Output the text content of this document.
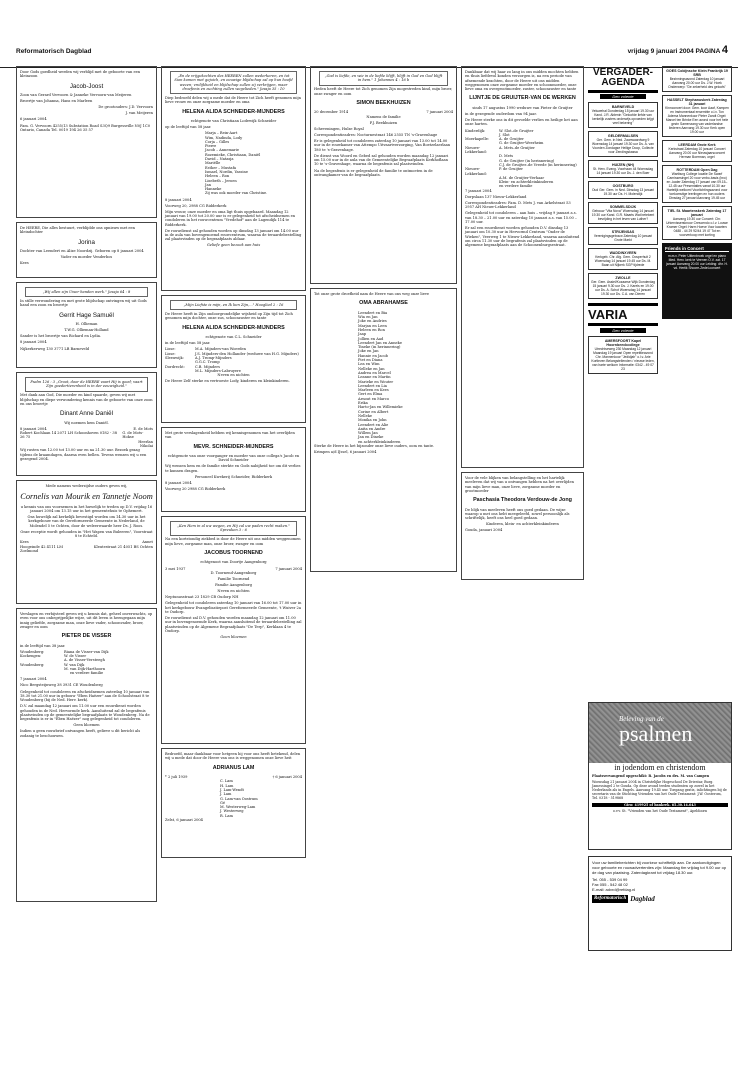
Reformatorisch Dagblad	vrijdag 9 januari 2004 PAGINA 4

Door Gods goedheid werden wij verblijd met de geboorte van een kleinzoon

Jacob-Joost

Zoon van Gerard Vervoorn & Janneke Vervoorn-van Meijeren

Broertje van Johanna, Hans en Marleen

De grootouders: J.D. Vervoorn

J. van Meijeren

6 januari 2004

Fam. G. Vervoorn 4255/13 Substation Road S3Q9 Burgessville N0J 1C0 Ontario, Canada Tel. 0019 194 26 35 57

De HEERE, Die alles bestuurt, verblijdde ons opnieuw met een kleindochter

Jorina

Dochter van Leendert en Alize Noordzij. Geboren op 8 januari 2004

Vader en moeder Venderbos

Kees

„Wij allen zijn Uwer handen werk." Jesaja 64 : 8

In stille verwondering en met grote blijdschap ontvingen wij uit Gods hand een zoon en broertje

Gerrit Hage Samuël

H. Ollieman

T.W.G. Ollieman-Holland

Sander is het broertje van Richard en Lydia.

8 januari 2004

Nijkerkerweg 130 3771 LB Barneveld

Psalm 126 : 3 „Groot, door de HEERE vaart Hij is goed; vaart Zijn goedertierenheid is in der eeuwigheid."

Met dank aan God, Die moeder en kind spaarde, geven wij met blijdschap en diepe verwondering kennis van de geboorte van onze zoon en ons broertje

Dinant Anne Daniël

Wij noemen hem Daniël.

8 januari 2004	E. de Mots
Robert Kochlaan 14 2071 LH Schoonhoven 0182 - 38 26 75
G. de Mots-Hokse
Heerlan
Nikolai

Wij rusten van 12.00 tot 13.00 uur en na 21.30 uur. Bezoek graag tijdens de kraamdagen, daarna even bellen. Tevens wenzen wij u een gezegend 2004.

Mede namens wederzijdse ouders geven wij,

Cornelis van Mourik en Tannetje Noom

u kennis van ons voornemen in het huwelijk te treden op D.V. vrijdag 16 januari 2004 om 13.15 uur in het gemeentehuis te Ophemert.

Ons huwelijk zal kerkelijk bevestigd worden om 14.30 uur in het kerkgebouw van de Gereformeerde Gemeente in Nederland, de Molendel 5 te Ochten, door de weleerwaarde heer Ds. J. Roos.

Onze receptie wordt gehouden in "Het Wapen van Buleeren", Voorstraat 8 te Echteld.

Kees	Annet
Hoogeinde 42 4111 LM Zoelmond
Kleutestraat 21 4051 BS Ochten

Verslagen en verbijsterd geven wij u kennis dat, geheel onverwachts, op even voor ons onbegrijpelijke wijze, uit dit leven is heengegaan mijn innig geliefde, zorgzame man, onze lieve vader, schoonvader, broer, zwager en oom

PIETER DE VISSER

in de leeftijd van 38 jaar.

Woudenberg:	Riana de Visser-van Dijk
Kockengen:	W. de Visser
A. de Visser-Versteegh
Woudenberg:	W. van Dijk
M. van Dijk-Harthoorn

en verdere familie

7 januari 2004

Nico Bergsteijnweg 38 3931 CE Woudenberg

Gelegenheid tot condoleren en afscheidnemen zaterdag 10 januari van 18.30 tot 21.00 uur in gebouw "Eben Haëzer" aan de Schoolstraat 8 te Woudenberg (bij de Ned. Herv. kerk).

D.V. zal maandag 12 januari om 11.00 uur een rouwdienst worden gehouden in de Ned. Hervormde kerk. Aansluitend zal de begrafenis plaatsvinden op de gemeentelijke begraafplaats te Woudenberg. Na de begrafenis is er in "Eben Haëzer" nog gelegenheid tot condoleren.

Geen bloemen

Indien u geen rouwbrief ontvangen heeft, gelieve u dit bericht als zodanig te beschouwen.

„En de vrijgekochten des HEEREN zullen wederkeren, en tot Sion komen met gejuich, en eeuwige blijdschap zal op hun hoofd wezen; vrolijkheid en blijdschap zullen zij verkrijgen, maar droefenis en zuchting zullen wegvlieden." Jesaja 35 : 10

Diep bedroefd delen wij u mede dat de Heere tot Zich heeft genomen mijn lieve vrouw en onze zorgzame moeder en oma

HELENA ALIDA SCHNEIDER-MIJNDERS

echtgenote van Christiaan Lodewijk Schneider

op de leeftijd van 58 jaar.

Marja – Rein-Aart
Wim, Nadinda, Lody
Corja – Gilles
Pierre
Jacob – Annemarie
Rozemieke, Christiaan, Daniël
David – Natasja
Mariëlle
Esther – Mustafa
Ismael, Nordin, Yassine
Heleen – Ron
Lisebeth – Jeroen
Jan
Hanneke

Zij was ook moeder van Christine.

8 januari 2004

Voorweg 20, 2988 CG Ridderkerk

Mijn vrouw, onze moeder en oma ligt thuis opgebaard. Maandag 12 januari van 19.00 tot 20.00 uur is er gelegenheid tot afscheidnemen en condoleren in het rouwcentrum "Vredehof" aan de Lagendijk 114 te Ridderkerk.

De rouwdienst zal gehouden worden op dinsdag 13 januari om 14.00 uur in de aula van bovengenoemd rouwcentrum, waarna de teraardebestelling zal plaatsvinden op de begraafplaats aldaar.

Geliefe geen bezoek aan huis

„Mijn Liefste is mijn, en Ik ben Zijn,..." Hooglied 2 : 16

De Heere heeft in Zijn ondoorgrondelijke wijsheid op Zijn tijd tot Zich genomen mijn dochter, onze zus, schoonzuster en tante

HELENA ALIDA SCHNEIDER-MIJNDERS

echtgenote van C.L. Schneider

in de leeftijd van 58 jaar.

Lisse:	M.A. Mijnders-van Woerden
Lisse:	J.S. Mijnders-den Hollander (weduwe van H.G. Mijnders)
Sleeuwijk:	A.J. Tromp-Mijnders
G.G.C. Tromp
Dordrecht:	C.B. Mijnders
M.L. Mijnders-Labruyere

Neven en nichten

De Heere Zelf sterke en vertroeste Lody, kinderen en kleinkinderen.

Met grote verslagenheid hebben wij kennisgenomen van het overlijden van

MEVR. SCHNEIDER-MIJNDERS

echtgenote van onze voorganger en moeder van onze collega's Jacob en David Schneider

Wij wensen hem en de familie sterkte en Gods nabijheid toe om dit verlies te kunnen dragen.

Personeel Kwekerij Schneider, Ridderkerk

8 januari 2004

Voorweg 20 2988 CG Ridderkerk

„Ken Hem in al uw wegen, en Hij zal uw paden recht maken." Spreuken 3 : 6

Na een kortstondig ziekbed is door de Heere uit ons midden weggenomen mijn lieve, zorgzame man, onze broer, zwager en oom

JACOBUS TOORNEND

echtgenoot van Doortje Aangenborg

3 mei 1937	7 januari 2004

D. Toornend-Aangenborg

Familie Toornend

Familie Aangenborg

Neven en nichten

Neptunusstraat 23 1829 CB Oudorp NH

Gelegenheid tot condoleren zaterdag 10 januari van 16.00 tot 17.00 uur in het kerkgebouw Evangelisatiepost Gereformeerde Gemeente, 't Wuiver 2a te Oudorp.

De rouwdienst zal D.V. gehouden worden maandag 12 januari om 11.00 uur in bovengenoemde Kerk, waarna aansluitend de teraardebestelling zal plaatsvinden op de Algemene Begraafplaats "De Terp", Kerklaan 4 te Oudorp.

Geen bloemen

Bedroefd, maar dankbaar voor hetgeen hij voor ons heeft betekend, delen wij u mede dat door de Heere van ons is weggenomen onze lieve heit

ADRIANUS LAM
* 2 juli 1939	† 6 januari 2004
C. Lam
H. Lam
J. Lam-Wendt
J. Lam
G. Lam-van Oostrum
Gé
M. Westerweg-Lam
J. Westerweg
R. Lam

Zelst, 6 januari 2004

„God is liefde, en wie in de liefde blijft, blijft in God en God blijft in hem." 1 Johannes 4 : 16 b

Heden heeft de Heere tot Zich genomen Zijn mogestreden kind, mijn broer, onze zwager en oom

SIMON BEEKHUIZEN
20 december 1914	7 januari 2004

Namens de familie

P.J. Beekhuizen

Scheveningen, Hulze Royal

Correspondentieadres: Nocturnestraat 146 2555 TN 's-Gravenhage

Er is gelegenheid tot condoleren zaterdag 10 januari van 13.00 tot 14.00 uur in de rouwkamer van Attempo Uitvaartverzorging, Van Boetzelaerlaan 180 te 's-Gravenhage.

De dienst van Woord en Gebed zal gehouden worden maandag 12 januari om 15.00 uur in de aula van de Gemeentelijke Begraafplaats Kerkhoflaan 10 te 's-Gravenhage, waarna de begrafenis zal plaatsvinden.

Na de begrafenis is er gelegenheid de familie te ontmoeten in de ontvangkamer van de begraafplaats.

Tot onze grote droefheid nam de Heere van ons weg onze lieve

OMA ABRAHAMSE
Leendert en Bia
Wia en Jan
Joke en Andries
Marjan en Leen
Heleen en Ron
Jaap
Jollien en Aad
Leendert Jan en Anneke
Tineke (in herinnering)
Joke en Jan
Hannie en Jacob
Piet en Diana
Lea en Wim
Nelleke en Jan
Andrea en Marcel
Leanne en Martin
Marieke en Wouter
Leendert en Lia
Marleen en Kees
Gert en Elma
Arnout en Marco
Erika
Harto-Jan en Willemieke
Corine en Albert
Nelleke
Monika en John
Leendert en Alie
Anita en Andre
Willem Jan
Jan en Dineke
en achterkleinkinderen

Sterke de Heere in het bijzonder onze lieve ouders, oom en tante.

Krimpen a/d IJssel, 6 januari 2004

Dankbaar dat wij haar zo lang in ons midden mochten hebben en thuis liefdevol konden verzorgen is, na een periode van afnemende krachten, door de Heere uit ons midden weggenomen onze zorgzame moeder en schoonmoeder, onze lieve oma en overgrootmoeder, zuster, schoonzuster en tante

LIJNTJE DE GRUIJTER-VAN DE WERKEN

sinds 17 augustus 1990 weduwe van Pieter de Gruijter

in de gezegende ouderdom van 94 jaar.

De Heere sterke ons in dit gevoelde verlies en heilige het aan onze harten.

Kinderdijk:	W. Slot–de Gruijter
J. Slot
Moerkapelle:	A. de Gruijter
G. de Gruijter-Weerheim
Nieuwe-Lekkerland:
A. Mets–de Gruijter
D. Mets
G. de Gruijter (in herinnering)
C.J. de Gruijter–de Vreede (in herinnering)
Nieuwe-Lekkerland:
P. de Gruijter
A.M. de Gruijter-Verhaar
Klein- en achterkleinkinderen
en verdere familie

7 januari 2004

Dorpslaan 137 Nieuw-Lekkerland

Correspondentieadres: Fam. D. Mets J. van Arkelstraat 53 2957 AH Nieuw-Lekkerland

Gelegenheid tot condoleren – aan huis – vrijdag 9 januari a.s. van 18.30 – 21.00 uur en zaterdag 10 januari a.s. van 15.00 – 17.00 uur.

Er zal een rouwdienst worden gehouden D.V. dinsdag 13 januari om 10.30 uur in Hervormd Centrum "Onder de Wieken", Veerweg 1 te Nieuw-Lekkerland, waarna aansluitend om circa 11.30 uur de begrafenis zal plaatsvinden op de algemene begraafplaats aan de Schoonenburgsestraat.

Voor de vele blijken van belangstelling en het hartelijk meeleven dat wij van u ontvangen hebben na het overlijden van mijn lieve man, onze lieve, zorgzame moeder en grootmoeder

Paschasia Theodora Verdouw-de Jong

De blijk van meeleven heeft ons goed gedaan. De wijze waarop u met ons hebt meegeleefd, zowel persoonlijk als schriftelijk, heeft ons heel goed gedaan.

Kinderen, klein- en achterkleinkinderen

Gouda, januari 2004

VERGADER-AGENDA
Deo volente
BARNEVELD
Veluwehal Donderdag 15 januari 19.30 uur Kand. J.R. Ablenin "Geloofde liefde van kerkelijk zusters onderwijs opvoeden krijgt veel bekering"
GELDERMALSEN
Ger. Gem. in Ned. Zaanwaardweg 9 Woensdag 14 januari 19.30 uur Ds. A. van Voorden Zondagse Heilige Doop, Collecte voor Zendingskassa
HUIZEN (NH)
St. Herv. Evang. Voorhaan 44 Woensdag 14 januari 19.30 uur Ds. J. den Boer
OOSTBURG
Oud Ger. Gem. in Ned. Dinsdag 13 januari 19.30 uur Ds. H. Molendijk
SOMMELSDIJK
Gebouw "Vita Nova" Woensdag 14 januari 19.30 uur Kand. G.R. Maarts Wat betekent bevrijding in het leven van Luther?
STRIJENSAS
Verenigingsgebouw Zaterdag 10 januari Grote Markt
WADDINXVEEN
Kerkgeb. Chr. Afg. Gem. Oosperhuit 2 Woensdag 14 januari 19.45 uur Ds. M. Baan uit Nijkerk SGP tijdrede
ZWOLLE
Ger. Gem. Assiel/Kozaarse Wijk Donderdag 15 januari 9.30 uur Ds. J. Karels en 19.00 uur Ds. A. Schot Woensdag 14 januari 19.30 uur Ds. C.A. van Dieren
VARIA
Deo volente
AMERSFOORT Kapel Hoornbeeckcollege
Utrechtseweg 230 Maandag 12 januari Maandag 19 januari Open repetitieavond Chr. Mannenkoor "Jedidjah" o.l.v. Arie Kortleven Belangstellenden / nieuwe leden, van harte welkom Informatie: 0342 - 49 07 23
GOES Cobijnsche Klein Frankrijk 19 SRB
Bezinningsavond Zaterdag 10 januari Aanvang 20.00 uur Ds. J.W. Hoek Onderwerp: "De zekerheid des geloofs"
HASSELT Stephanuskerk Zaterdag 31 januari
Kinnconcert door: Gem. koor Aaaf, Kampen en Instrumentaal ensemble o.l.v. Ton Adema Mannenkoor Pieter Zandt Orgel: Marcel ten Brinke Een avond voor het hele gezin Samenzang van vaderlandse liederen Aanvang 19.30 uur Kerk open 19.00 uur
LEERDAM Grote Kerk
Kerkstraat Zaterdag 10 januari Concert Aanvang 20.00 uur Nieuwjaarsconcert Herman Boerman, orgel
ROTTERDAM Open Dag
Wartburg College locatie De Swarf Carnissesingel 20 voor vmbo-basis (bvo) en -kader Zaterdag 17 januari van 09.15–12.45 uur Presentaties vanaf 10.30 uur Hartelijk welkom! Voorlichtingsavond voor toekomstige leerlingen en hun ouders Dinsdag 27 januari Aanvang 19.45 uur
TIEL St. Maartenskerk Zaterdag 17 januari
Aanvang 19.30 uur Concert: Chr. Urkervissersknoor Crescendo o.l.v. Louwe Kramer Orgel: Harm Hoeve Voor kaarten: 0488 - 44 29 92/44 19 47 Tot en voorverkoop met korting
Friends in Concert
m.m.v. Peter Uittenbroek orgel en piano Med. Herv. kerk te Veenen O.V. zat. 17 januari Aanvang 20.00 uur Leiding: dhr. H. vd. Hertik Shoore-Zedel-concert
Beleving van de
psalmen
in jodendom en christendom
Plaatsvervangend opgeschikt: B. Jacobs en drs. M. van Campen
Woensdag 21 januari 2004 in Christelijke Hogeschool De Driestar, Burg. Jamessingel 2 te Gouda. Op deze avond treden studenten op zowel in het Nederlands als in Engels. Aanvang 19.45 uur. Toegang gratis, inlichtingen bij de secretaris van de Stichting Vrienden van het Oude Testament: J.W. Oosterom, Tel. 0318 - 519868
Giro: 419925 of bankrek. 65.30.14.643
o.v.v. St. "Vrienden van het Oude Testament", Apeldoorn
Voor uw familieberichten bij voorkeur schriftelijk aan. De aankondigingen voor geboorte en rouwadvertenties zijn: Maandag tim vrijdag tot 9.00 uur op de dag van plaatsing. Zaterdagkrant tot vrijdag 18.30 uur.
Tel. 055 - 539 04 99
Fax 055 - 542 48 02
E-mail: advrd@refdag.nl
Reformatorisch Dagblad
